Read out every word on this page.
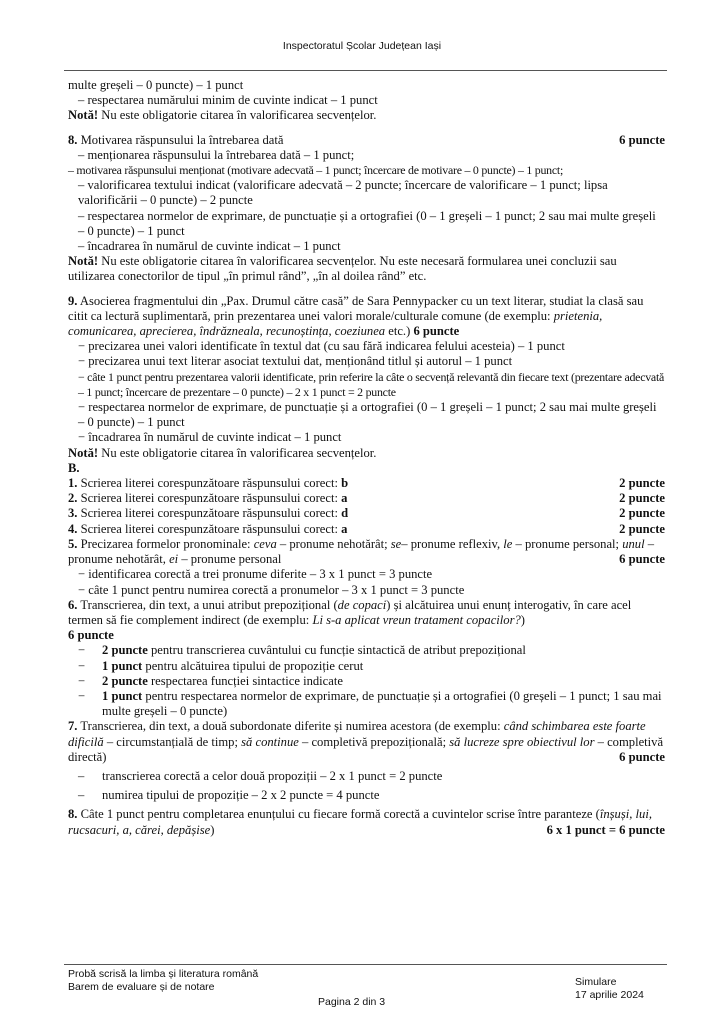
Inspectoratul Școlar Județean Iași

multe greșeli – 0 puncte) – 1 punct

– respectarea numărului minim de cuvinte indicat – 1 punct

Notă! Nu este obligatorie citarea în valorificarea secvențelor.

8. Motivarea răspunsului la întrebarea dată	6 puncte

– menționarea răspunsului la întrebarea dată – 1 punct;

– motivarea răspunsului menționat (motivare adecvată – 1 punct; încercare de motivare – 0 puncte) – 1 punct;

– valorificarea textului indicat (valorificare adecvată – 2 puncte; încercare de valorificare – 1 punct; lipsa valorificării – 0 puncte) – 2 puncte

– respectarea normelor de exprimare, de punctuație și a ortografiei (0 – 1 greșeli – 1 punct; 2 sau mai multe greșeli – 0 puncte) – 1 punct

– încadrarea în numărul de cuvinte indicat – 1 punct

Notă! Nu este obligatorie citarea în valorificarea secvențelor. Nu este necesară formularea unei concluzii sau utilizarea conectorilor de tipul „în primul rând”, „în al doilea rând” etc.

9. Asocierea fragmentului din „Pax. Drumul către casă” de Sara Pennypacker cu un text literar, studiat la clasă sau citit ca lectură suplimentară, prin prezentarea unei valori morale/culturale comune (de exemplu: prietenia, comunicarea, aprecierea, îndrăzneala, recunoștința, coeziunea etc.) 6 puncte

− precizarea unei valori identificate în textul dat (cu sau fără indicarea felului acesteia) – 1 punct

− precizarea unui text literar asociat textului dat, menționând titlul și autorul – 1 punct

− câte 1 punct pentru prezentarea valorii identificate, prin referire la câte o secvență relevantă din fiecare text (prezentare adecvată – 1 punct; încercare de prezentare – 0 puncte) – 2 x 1 punct = 2 puncte

− respectarea normelor de exprimare, de punctuație și a ortografiei (0 – 1 greșeli – 1 punct; 2 sau mai multe greșeli – 0 puncte) – 1 punct

− încadrarea în numărul de cuvinte indicat – 1 punct

Notă! Nu este obligatorie citarea în valorificarea secvențelor.

B.

1. Scrierea literei corespunzătoare răspunsului corect: b	2 puncte
2. Scrierea literei corespunzătoare răspunsului corect: a	2 puncte
3. Scrierea literei corespunzătoare răspunsului corect: d	2 puncte
4. Scrierea literei corespunzătoare răspunsului corect: a	2 puncte

5. Precizarea formelor pronominale: ceva – pronume nehotărât; se– pronume reflexiv, le – pronume personal; unul – pronume nehotărât, ei – pronume personal	6 puncte

− identificarea corectă a trei pronume diferite – 3 x 1 punct = 3 puncte

− câte 1 punct pentru numirea corectă a pronumelor – 3 x 1 punct = 3 puncte

6. Transcrierea, din text, a unui atribut prepozițional (de copaci) și alcătuirea unui enunț interogativ, în care acel termen să fie complement indirect (de exemplu: Li s-a aplicat vreun tratament copacilor?)

6 puncte

− 2 puncte pentru transcrierea cuvântului cu funcție sintactică de atribut prepozițional
− 1 punct pentru alcătuirea tipului de propoziție cerut
− 2 puncte respectarea funcției sintactice indicate
− 1 punct pentru respectarea normelor de exprimare, de punctuație și a ortografiei (0 greșeli – 1 punct; 1 sau mai multe greșeli – 0 puncte)

7. Transcrierea, din text, a două subordonate diferite și numirea acestora (de exemplu: când schimbarea este foarte dificilă – circumstanțială de timp; să continue – completivă prepozițională; să lucreze spre obiectivul lor – completivă directă)	6 puncte

– transcrierea corectă a celor două propoziții – 2 x 1 punct = 2 puncte
– numirea tipului de propoziție – 2 x 2 puncte = 4 puncte

8. Câte 1 punct pentru completarea enunțului cu fiecare formă corectă a cuvintelor scrise între paranteze (înșuși, lui, rucsacuri, a, cărei, depășise)	6 x 1 punct = 6 puncte

Probă scrisă la limba și literatura română
Barem de evaluare și de notare
Pagina 2 din 3
Simulare
17 aprilie 2024
